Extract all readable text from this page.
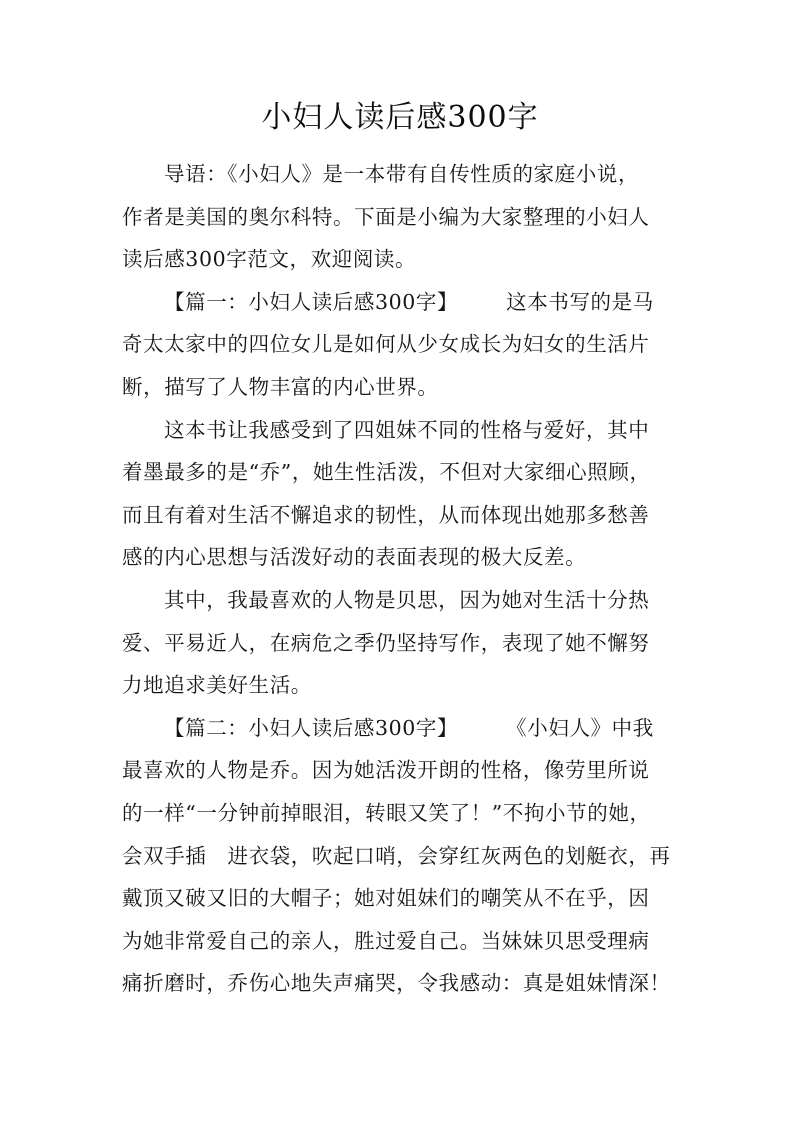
小妇人读后感300字
导语：《小妇人》是一本带有自传性质的家庭小说，
作者是美国的奥尔科特。下面是小编为大家整理的小妇人
读后感300字范文，欢迎阅读。
【篇一：小妇人读后感300字】 这本书写的是马
奇太太家中的四位女儿是如何从少女成长为妇女的生活片
断，描写了人物丰富的内心世界。
这本书让我感受到了四姐妹不同的性格与爱好，其中
着墨最多的是“乔”，她生性活泼，不但对大家细心照顾，
而且有着对生活不懈追求的韧性，从而体现出她那多愁善
感的内心思想与活泼好动的表面表现的极大反差。
其中，我最喜欢的人物是贝思，因为她对生活十分热
爱、平易近人，在病危之季仍坚持写作，表现了她不懈努
力地追求美好生活。
【篇二：小妇人读后感300字】 《小妇人》中我
最喜欢的人物是乔。因为她活泼开朗的性格，像劳里所说
的一样“一分钟前掉眼泪，转眼又笑了！”不拘小节的她，
会双手插　进衣袋，吹起口哨，会穿红灰两色的划艇衣，再
戴顶又破又旧的大帽子；她对姐妹们的嘲笑从不在乎，因
为她非常爱自己的亲人，胜过爱自己。当妹妹贝思受理病
痛折磨时，乔伤心地失声痛哭，令我感动：真是姐妹情深！
